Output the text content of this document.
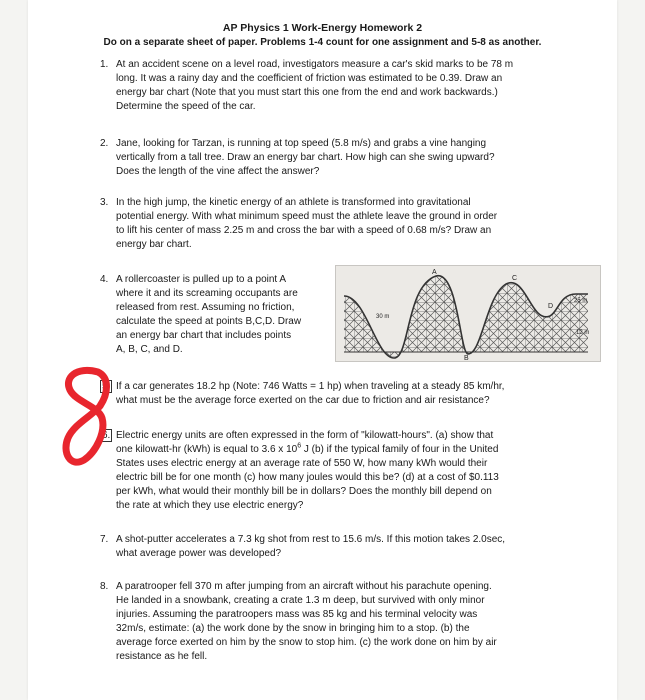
AP Physics 1 Work-Energy Homework 2
Do on a separate sheet of paper. Problems 1-4 count for one assignment and 5-8 as another.
1. At an accident scene on a level road, investigators measure a car's skid marks to be 78 m
long. It was a rainy day and the coefficient of friction was estimated to be 0.39. Draw an
energy bar chart (Note that you must start this one from the end and work backwards.)
Determine the speed of the car.
2. Jane, looking for Tarzan, is running at top speed (5.8 m/s) and grabs a vine hanging
vertically from a tall tree. Draw an energy bar chart. How high can she swing upward?
Does the length of the vine affect the answer?
3. In the high jump, the kinetic energy of an athlete is transformed into gravitational
potential energy. With what minimum speed must the athlete leave the ground in order
to lift his center of mass 2.25 m and cross the bar with a speed of 0.68 m/s? Draw an
energy bar chart.
4. A rollercoaster is pulled up to a point A
where it and its screaming occupants are
released from rest. Assuming no friction,
calculate the speed at points B,C,D. Draw
an energy bar chart that includes points
A, B, C, and D.
A
B
C
D
30 m
25 m
12 m
5. If a car generates 18.2 hp (Note: 746 Watts = 1 hp) when traveling at a steady 85 km/hr,
what must be the average force exerted on the car due to friction and air resistance?
6. Electric energy units are often expressed in the form of "kilowatt-hours". (a) show that
one kilowatt-hr (kWh) is equal to 3.6 x $10^6$ J (b) if the typical family of four in the United
States uses electric energy at an average rate of 550 W, how many kWh would their
electric bill be for one month (c) how many joules would this be? (d) at a cost of $0.113
per kWh, what would their monthly bill be in dollars? Does the monthly bill depend on
the rate at which they use electric energy?
7. A shot-putter accelerates a 7.3 kg shot from rest to 15.6 m/s. If this motion takes 2.0sec,
what average power was developed?
8. A paratrooper fell 370 m after jumping from an aircraft without his parachute opening.
He landed in a snowbank, creating a crate 1.3 m deep, but survived with only minor
injuries. Assuming the paratroopers mass was 85 kg and his terminal velocity was
32m/s, estimate: (a) the work done by the snow in bringing him to a stop. (b) the
average force exerted on him by the snow to stop him. (c) the work done on him by air
resistance as he fell.
